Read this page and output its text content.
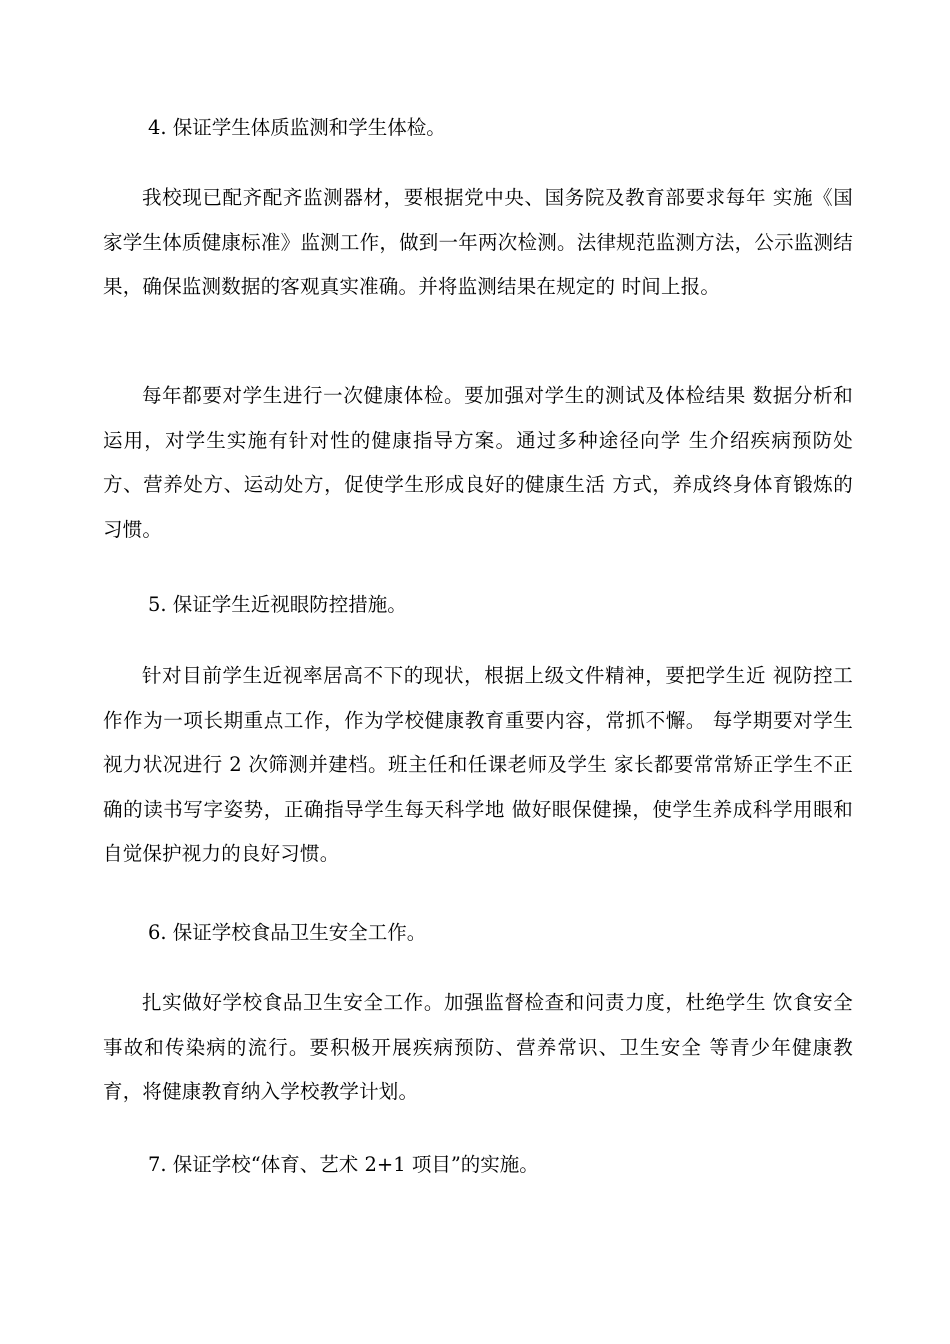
4. 保证学生体质监测和学生体检。

我校现已配齐配齐监测器材，要根据党中央、国务院及教育部要求每年 实施《国家学生体质健康标准》监测工作，做到一年两次检测。法律规范监测方法，公示监测结果，确保监测数据的客观真实准确。并将监测结果在规定的 时间上报。

每年都要对学生进行一次健康体检。要加强对学生的测试及体检结果 数据分析和运用，对学生实施有针对性的健康指导方案。通过多种途径向学 生介绍疾病预防处方、营养处方、运动处方，促使学生形成良好的健康生活 方式，养成终身体育锻炼的习惯。

5. 保证学生近视眼防控措施。

针对目前学生近视率居高不下的现状，根据上级文件精神，要把学生近 视防控工作作为一项长期重点工作，作为学校健康教育重要内容，常抓不懈。 每学期要对学生视力状况进行 2 次筛测并建档。班主任和任课老师及学生 家长都要常常矫正学生不正确的读书写字姿势，正确指导学生每天科学地 做好眼保健操，使学生养成科学用眼和自觉保护视力的良好习惯。

6. 保证学校食品卫生安全工作。

扎实做好学校食品卫生安全工作。加强监督检查和问责力度，杜绝学生 饮食安全事故和传染病的流行。要积极开展疾病预防、营养常识、卫生安全 等青少年健康教育，将健康教育纳入学校教学计划。

7. 保证学校“体育、艺术 2+1 项目”的实施。
